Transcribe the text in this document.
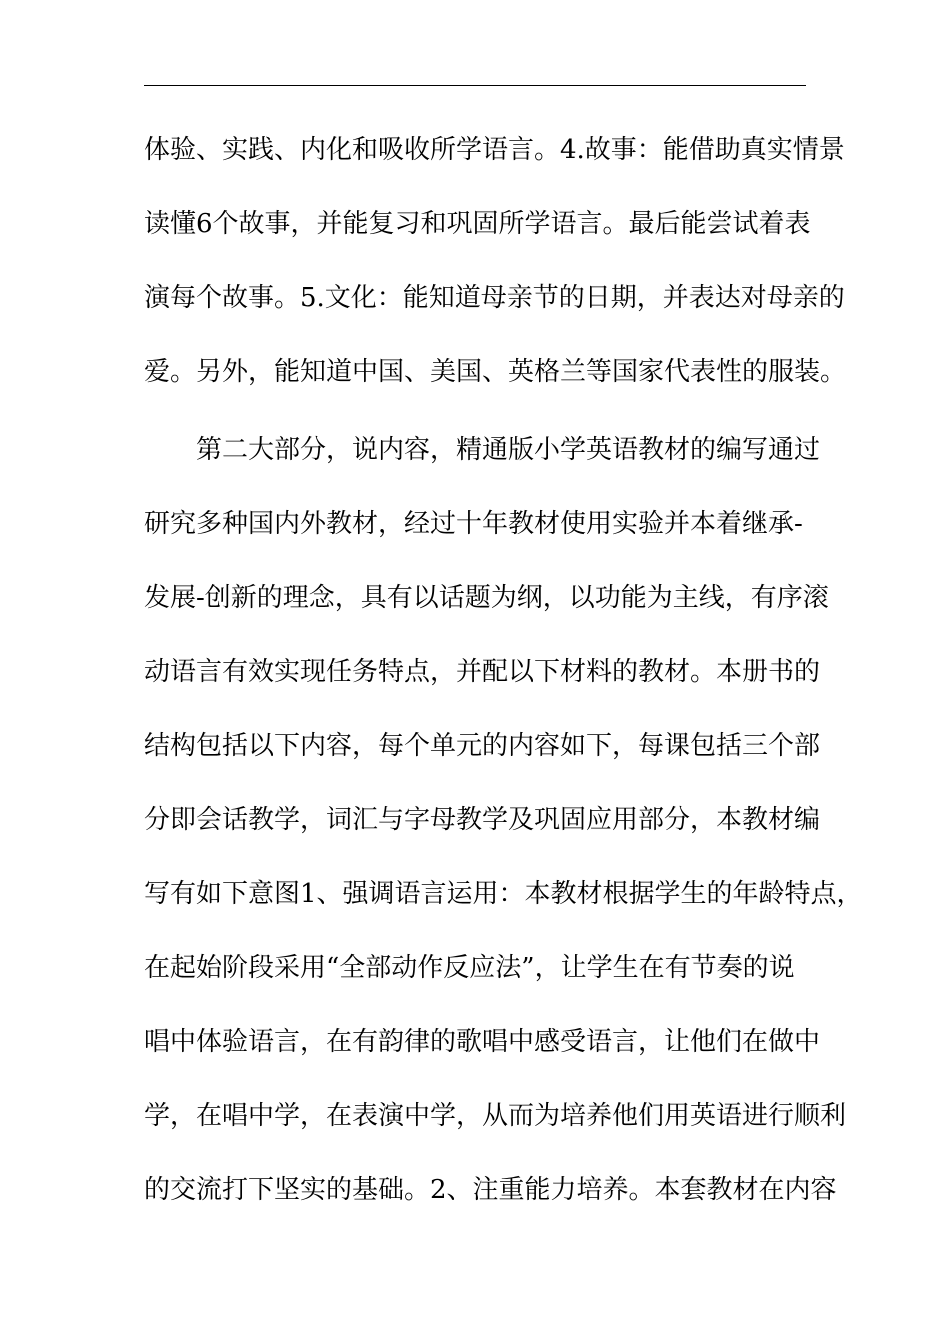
体验、实践、内化和吸收所学语言。4.故事：能借助真实情景
读懂6个故事，并能复习和巩固所学语言。最后能尝试着表
演每个故事。5.文化：能知道母亲节的日期，并表达对母亲的
爱。另外，能知道中国、美国、英格兰等国家代表性的服装。
第二大部分，说内容，精通版小学英语教材的编写通过
研究多种国内外教材，经过十年教材使用实验并本着继承-
发展-创新的理念，具有以话题为纲，以功能为主线，有序滚
动语言有效实现任务特点，并配以下材料的教材。本册书的
结构包括以下内容，每个单元的内容如下，每课包括三个部
分即会话教学，词汇与字母教学及巩固应用部分，本教材编
写有如下意图1、强调语言运用：本教材根据学生的年龄特点，
在起始阶段采用“全部动作反应法”，让学生在有节奏的说
唱中体验语言，在有韵律的歌唱中感受语言，让他们在做中
学，在唱中学，在表演中学，从而为培养他们用英语进行顺利
的交流打下坚实的基础。2、注重能力培养。本套教材在内容
